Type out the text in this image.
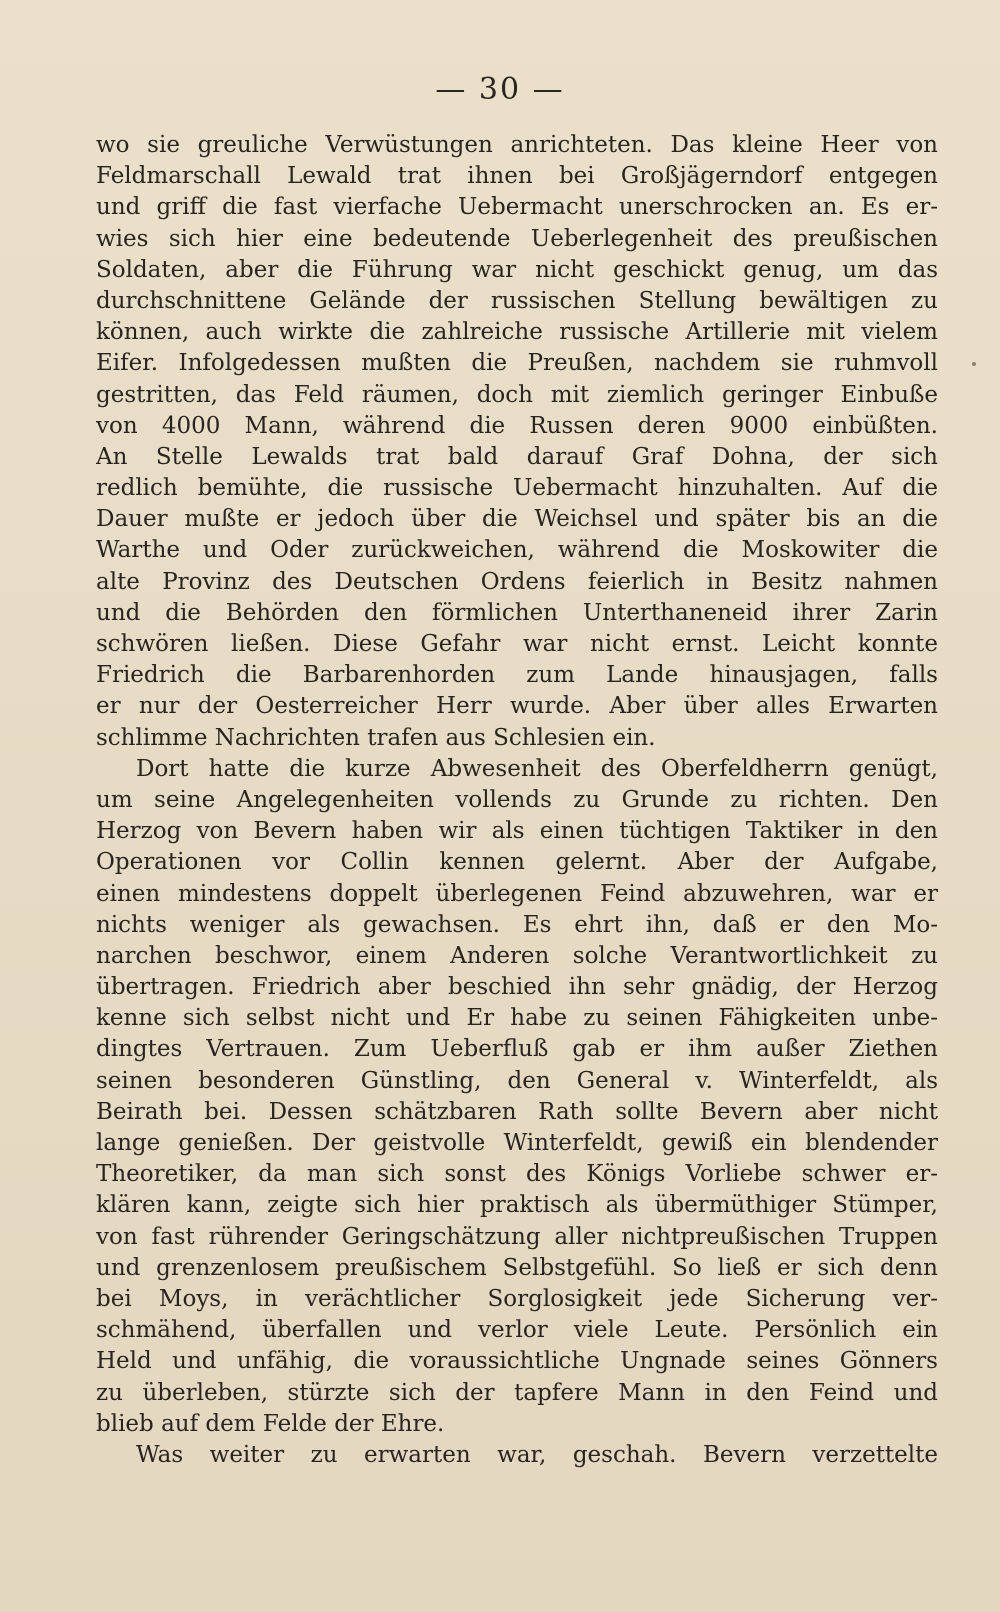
— 30 —
wo sie greuliche Verwüstungen anrichteten. Das kleine Heer von
Feldmarschall Lewald trat ihnen bei Großjägerndorf entgegen
und griff die fast vierfache Uebermacht unerschrocken an. Es er-
wies sich hier eine bedeutende Ueberlegenheit des preußischen
Soldaten, aber die Führung war nicht geschickt genug, um das
durchschnittene Gelände der russischen Stellung bewältigen zu
können, auch wirkte die zahlreiche russische Artillerie mit vielem
Eifer. Infolgedessen mußten die Preußen, nachdem sie ruhmvoll
gestritten, das Feld räumen, doch mit ziemlich geringer Einbuße
von 4000 Mann, während die Russen deren 9000 einbüßten.
An Stelle Lewalds trat bald darauf Graf Dohna, der sich
redlich bemühte, die russische Uebermacht hinzuhalten. Auf die
Dauer mußte er jedoch über die Weichsel und später bis an die
Warthe und Oder zurückweichen, während die Moskowiter die
alte Provinz des Deutschen Ordens feierlich in Besitz nahmen
und die Behörden den förmlichen Unterthaneneid ihrer Zarin
schwören ließen. Diese Gefahr war nicht ernst. Leicht konnte
Friedrich die Barbarenhorden zum Lande hinausjagen, falls
er nur der Oesterreicher Herr wurde. Aber über alles Erwarten
schlimme Nachrichten trafen aus Schlesien ein.
Dort hatte die kurze Abwesenheit des Oberfeldherrn genügt,
um seine Angelegenheiten vollends zu Grunde zu richten. Den
Herzog von Bevern haben wir als einen tüchtigen Taktiker in den
Operationen vor Collin kennen gelernt. Aber der Aufgabe,
einen mindestens doppelt überlegenen Feind abzuwehren, war er
nichts weniger als gewachsen. Es ehrt ihn, daß er den Mo-
narchen beschwor, einem Anderen solche Verantwortlichkeit zu
übertragen. Friedrich aber beschied ihn sehr gnädig, der Herzog
kenne sich selbst nicht und Er habe zu seinen Fähigkeiten unbe-
dingtes Vertrauen. Zum Ueberfluß gab er ihm außer Ziethen
seinen besonderen Günstling, den General v. Winterfeldt, als
Beirath bei. Dessen schätzbaren Rath sollte Bevern aber nicht
lange genießen. Der geistvolle Winterfeldt, gewiß ein blendender
Theoretiker, da man sich sonst des Königs Vorliebe schwer er-
klären kann, zeigte sich hier praktisch als übermüthiger Stümper,
von fast rührender Geringschätzung aller nichtpreußischen Truppen
und grenzenlosem preußischem Selbstgefühl. So ließ er sich denn
bei Moys, in verächtlicher Sorglosigkeit jede Sicherung ver-
schmähend, überfallen und verlor viele Leute. Persönlich ein
Held und unfähig, die voraussichtliche Ungnade seines Gönners
zu überleben, stürzte sich der tapfere Mann in den Feind und
blieb auf dem Felde der Ehre.
Was weiter zu erwarten war, geschah. Bevern verzettelte
